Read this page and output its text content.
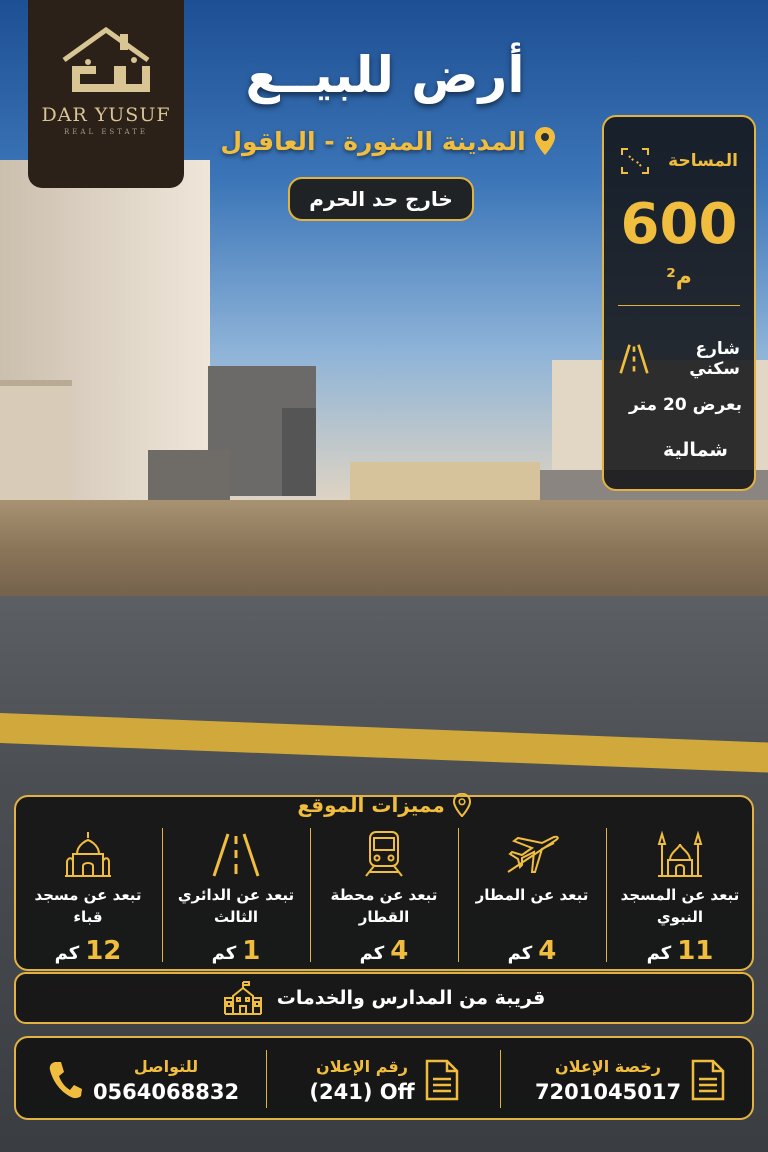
DAR YUSUF
REAL ESTATE
أرض للبيــع
المدينة المنورة - العاقول
خارج حد الحرم
المساحة
600
م²
شارع سكني
بعرض 20 متر
شمالية
مميزات الموقع
تبعد عن المسجد النبوي
11
كم
تبعد عن المطار
4
كم
تبعد عن محطة القطار
4
كم
تبعد عن الدائري الثالث
1
كم
تبعد عن مسجد قباء
12
كم
قريبة من المدارس والخدمات
رخصة الإعلان
7201045017
رقم الإعلان
(241) Off
للتواصل
0564068832
